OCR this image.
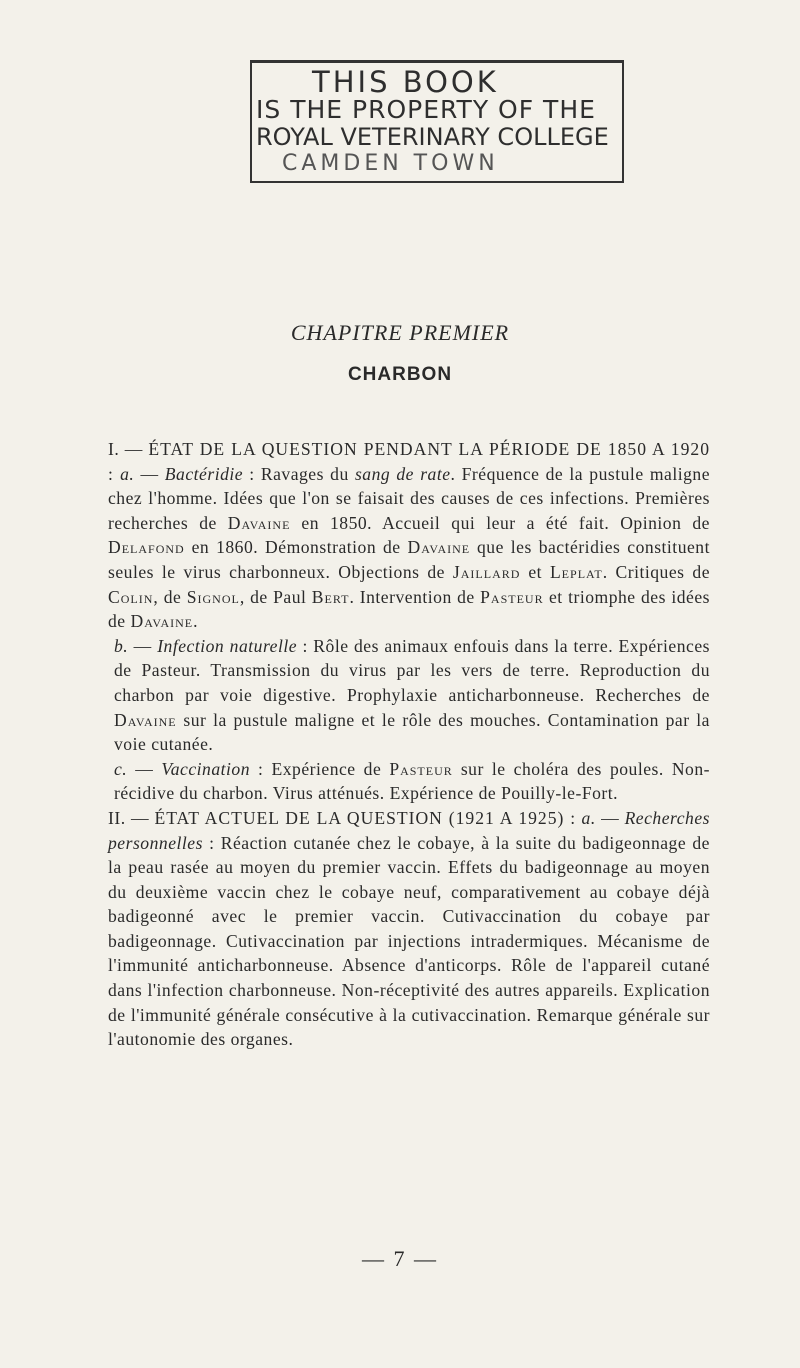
THIS BOOK
IS THE PROPERTY OF THE
ROYAL VETERINARY COLLEGE
CAMDEN TOWN
CHAPITRE PREMIER
CHARBON

I. — ÉTAT DE LA QUESTION PENDANT LA PÉRIODE DE 1850 A 1920 : a. — Bactéridie : Ravages du sang de rate. Fréquence de la pustule maligne chez l'homme. Idées que l'on se faisait des causes de ces infections. Premières recherches de Davaine en 1850. Accueil qui leur a été fait. Opinion de Delafond en 1860. Démonstration de Davaine que les bactéridies constituent seules le virus charbonneux. Objections de Jaillard et Leplat. Critiques de Colin, de Signol, de Paul Bert. Intervention de Pasteur et triomphe des idées de Davaine.

b. — Infection naturelle : Rôle des animaux enfouis dans la terre. Expériences de Pasteur. Transmission du virus par les vers de terre. Reproduction du charbon par voie digestive. Prophylaxie anticharbonneuse. Recherches de Davaine sur la pustule maligne et le rôle des mouches. Contamination par la voie cutanée.

c. — Vaccination : Expérience de Pasteur sur le choléra des poules. Non-récidive du charbon. Virus atténués. Expérience de Pouilly-le-Fort.

II. — ÉTAT ACTUEL DE LA QUESTION (1921 A 1925) : a. — Recherches personnelles : Réaction cutanée chez le cobaye, à la suite du badigeonnage de la peau rasée au moyen du premier vaccin. Effets du badigeonnage au moyen du deuxième vaccin chez le cobaye neuf, comparativement au cobaye déjà badigeonné avec le premier vaccin. Cutivaccination du cobaye par badigeonnage. Cutivaccination par injections intradermiques. Mécanisme de l'immunité anticharbonneuse. Absence d'anticorps. Rôle de l'appareil cutané dans l'infection charbonneuse. Non-réceptivité des autres appareils. Explication de l'immunité générale consécutive à la cutivaccination. Remarque générale sur l'autonomie des organes.

— 7 —
